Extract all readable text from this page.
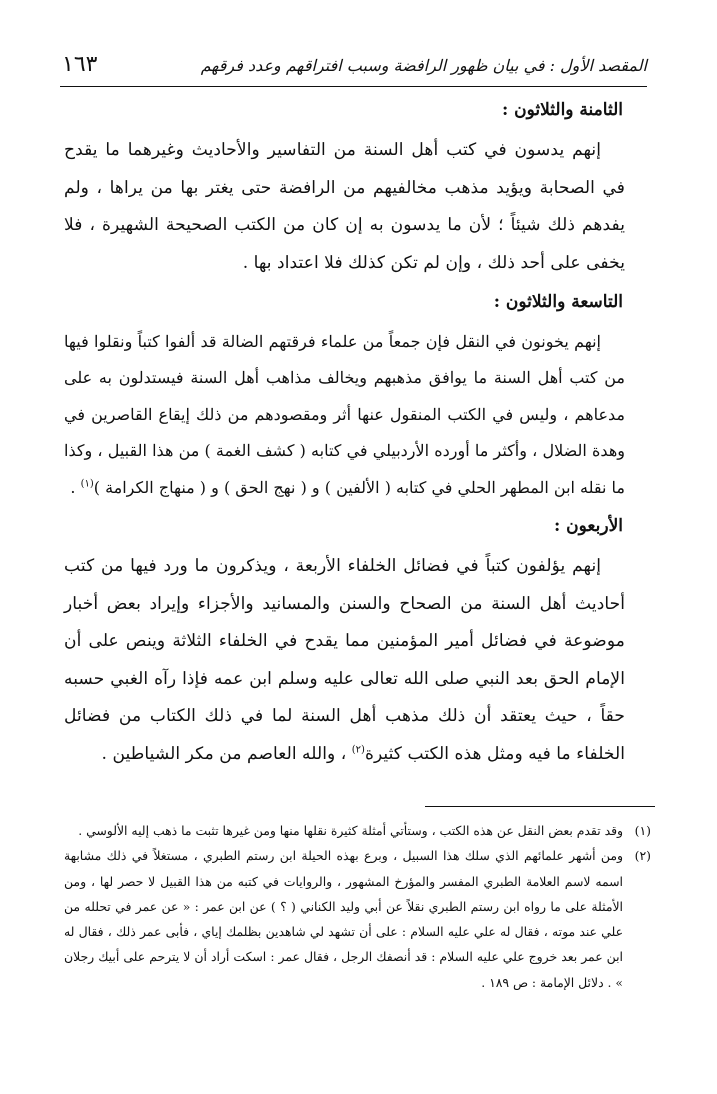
المقصد الأول : في بيان ظهور الرافضة وسبب افتراقهم وعدد فرقهم
١٦٣
الثامنة والثلاثون :

إنهم يدسون في كتب أهل السنة من التفاسير والأحاديث وغيرهما ما يقدح في الصحابة ويؤيد مذهب مخالفيهم من الرافضة حتى يغتر بها من يراها ، ولم يفدهم ذلك شيئاً ؛ لأن ما يدسون به إن كان من الكتب الصحيحة الشهيرة ، فلا يخفى على أحد ذلك ، وإن لم تكن كذلك فلا اعتداد بها .

التاسعة والثلاثون :

إنهم يخونون في النقل فإن جمعاً من علماء فرقتهم الضالة قد ألفوا كتباً ونقلوا فيها من كتب أهل السنة ما يوافق مذهبهم ويخالف مذاهب أهل السنة فيستدلون به على مدعاهم ، وليس في الكتب المنقول عنها أثر ومقصودهم من ذلك إيقاع القاصرين في وهدة الضلال ، وأكثر ما أورده الأردبيلي في كتابه ( كشف الغمة ) من هذا القبيل ، وكذا ما نقله ابن المطهر الحلي في كتابه ( الألفين ) و ( نهج الحق ) و ( منهاج الكرامة )$^{(١)}$ .

الأربعون :

إنهم يؤلفون كتباً في فضائل الخلفاء الأربعة ، ويذكرون ما ورد فيها من كتب أحاديث أهل السنة من الصحاح والسنن والمسانيد والأجزاء وإيراد بعض أخبار موضوعة في فضائل أمير المؤمنين مما يقدح في الخلفاء الثلاثة وينص على أن الإمام الحق بعد النبي صلى الله تعالى عليه وسلم ابن عمه فإذا رآه الغبي حسبه حقاً ، حيث يعتقد أن ذلك مذهب أهل السنة لما في ذلك الكتاب من فضائل الخلفاء ما فيه ومثل هذه الكتب كثيرة$^{(٢)}$ ، والله العاصم من مكر الشياطين .

(١)
وقد تقدم بعض النقل عن هذه الكتب ، وستأتي أمثلة كثيرة نقلها منها ومن غيرها تثبت ما ذهب إليه الألوسي .
(٢)
ومن أشهر علمائهم الذي سلك هذا السبيل ، وبرع بهذه الحيلة ابن رستم الطبري ، مستغلاً في ذلك مشابهة اسمه لاسم العلامة الطبري المفسر والمؤرخ المشهور ، والروايات في كتبه من هذا القبيل لا حصر لها ، ومن الأمثلة على ما رواه ابن رستم الطبري نقلاً عن أبي وليد الكناني ( ؟ ) عن ابن عمر : « عن عمر في تحلله من علي عند موته ، فقال له علي عليه السلام : على أن تشهد لي شاهدين بظلمك إياي ، فأبى عمر ذلك ، فقال له ابن عمر بعد خروج علي عليه السلام : قد أنصفك الرجل ، فقال عمر : اسكت أراد أن لا يترحم على أبيك رجلان » . دلائل الإمامة : ص ١٨٩ .
